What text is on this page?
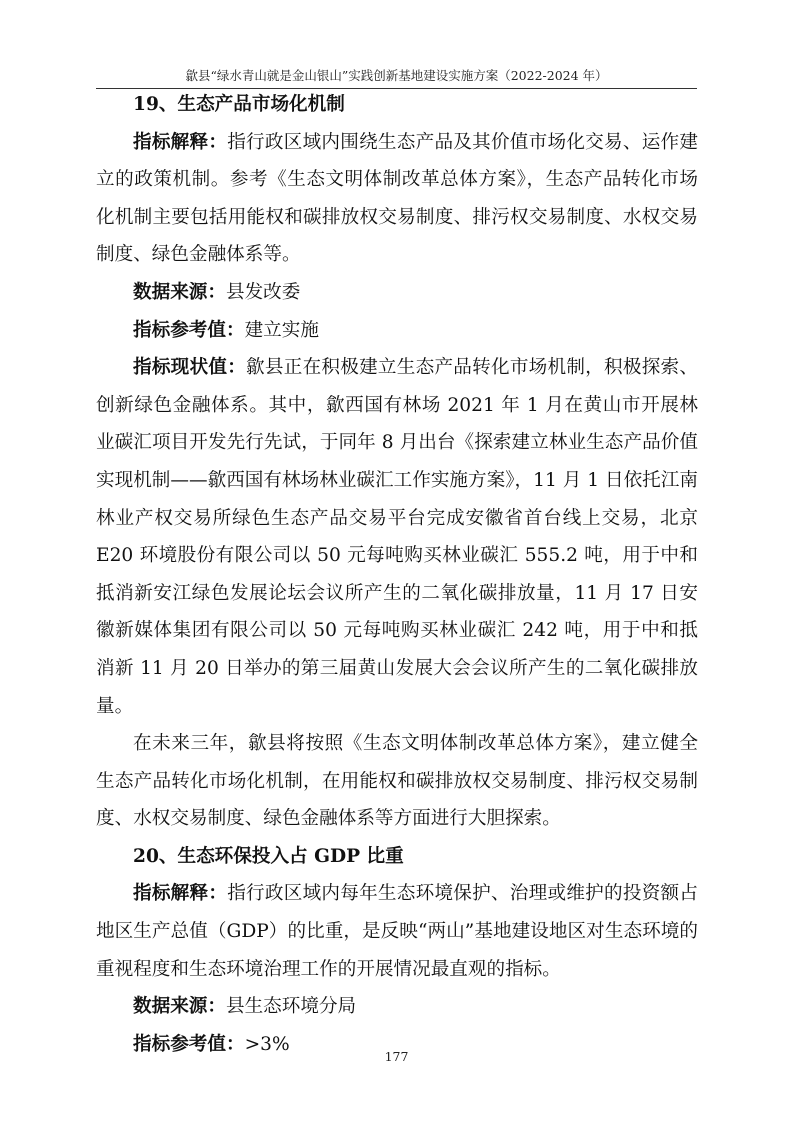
歙县“绿水青山就是金山银山”实践创新基地建设实施方案（2022-2024 年）

19、生态产品市场化机制

指标解释：指行政区域内围绕生态产品及其价值市场化交易、运作建立的政策机制。参考《生态文明体制改革总体方案》，生态产品转化市场化机制主要包括用能权和碳排放权交易制度、排污权交易制度、水权交易制度、绿色金融体系等。

数据来源：县发改委

指标参考值：建立实施

指标现状值：歙县正在积极建立生态产品转化市场机制，积极探索、创新绿色金融体系。其中，歙西国有林场 2021 年 1 月在黄山市开展林业碳汇项目开发先行先试，于同年 8 月出台《探索建立林业生态产品价值实现机制——歙西国有林场林业碳汇工作实施方案》，11 月 1 日依托江南林业产权交易所绿色生态产品交易平台完成安徽省首台线上交易，北京 E20 环境股份有限公司以 50 元每吨购买林业碳汇 555.2 吨，用于中和抵消新安江绿色发展论坛会议所产生的二氧化碳排放量，11 月 17 日安徽新媒体集团有限公司以 50 元每吨购买林业碳汇 242 吨，用于中和抵消新 11 月 20 日举办的第三届黄山发展大会会议所产生的二氧化碳排放量。

在未来三年，歙县将按照《生态文明体制改革总体方案》，建立健全生态产品转化市场化机制，在用能权和碳排放权交易制度、排污权交易制度、水权交易制度、绿色金融体系等方面进行大胆探索。

20、生态环保投入占 GDP 比重

指标解释：指行政区域内每年生态环境保护、治理或维护的投资额占地区生产总值（GDP）的比重，是反映“两山”基地建设地区对生态环境的重视程度和生态环境治理工作的开展情况最直观的指标。

数据来源：县生态环境分局

指标参考值：>3%

177
